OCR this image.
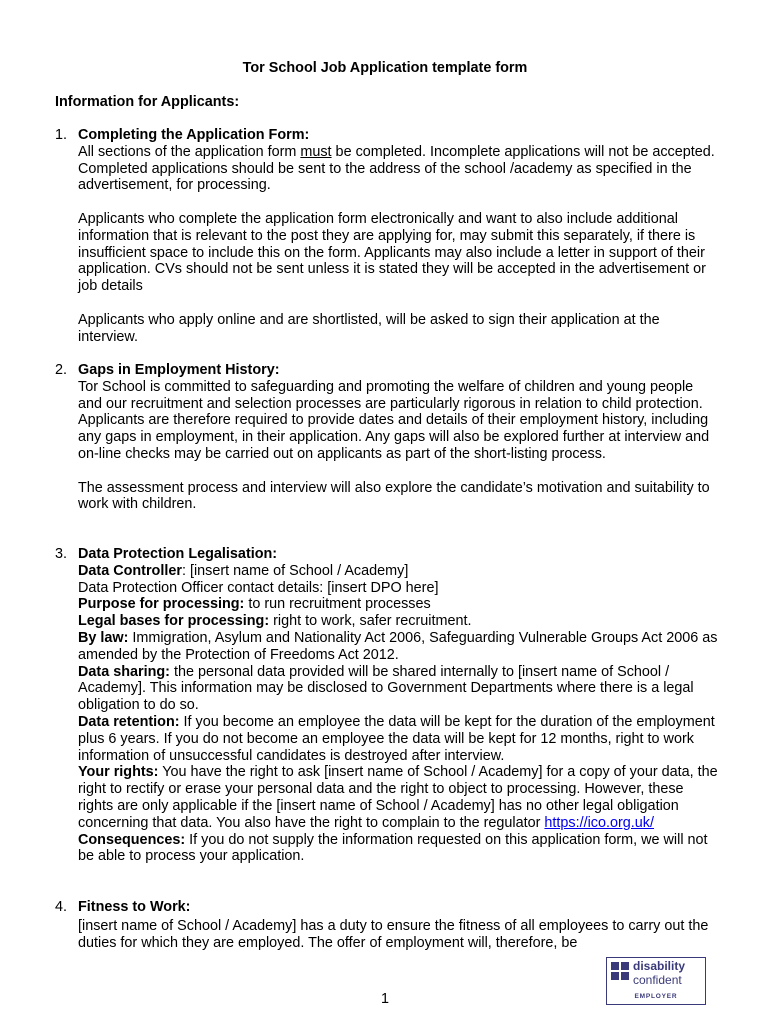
Tor School Job Application template form
Information for Applicants:
1. Completing the Application Form:

All sections of the application form must be completed. Incomplete applications will not be accepted. Completed applications should be sent to the address of the school /academy as specified in the advertisement, for processing.

Applicants who complete the application form electronically and want to also include additional information that is relevant to the post they are applying for, may submit this separately, if there is insufficient space to include this on the form. Applicants may also include a letter in support of their application. CVs should not be sent unless it is stated they will be accepted in the advertisement or job details

Applicants who apply online and are shortlisted, will be asked to sign their application at the interview.

2. Gaps in Employment History:

Tor School is committed to safeguarding and promoting the welfare of children and young people and our recruitment and selection processes are particularly rigorous in relation to child protection. Applicants are therefore required to provide dates and details of their employment history, including any gaps in employment, in their application. Any gaps will also be explored further at interview and on-line checks may be carried out on applicants as part of the short-listing process.

The assessment process and interview will also explore the candidate’s motivation and suitability to work with children.

3. Data Protection Legalisation:
Data Controller: [insert name of School / Academy]
Data Protection Officer contact details: [insert DPO here]
Purpose for processing: to run recruitment processes
Legal bases for processing: right to work, safer recruitment.
By law: Immigration, Asylum and Nationality Act 2006, Safeguarding Vulnerable Groups Act 2006 as amended by the Protection of Freedoms Act 2012.
Data sharing: the personal data provided will be shared internally to [insert name of School / Academy]. This information may be disclosed to Government Departments where there is a legal obligation to do so.
Data retention: If you become an employee the data will be kept for the duration of the employment plus 6 years. If you do not become an employee the data will be kept for 12 months, right to work information of unsuccessful candidates is destroyed after interview.
Your rights: You have the right to ask [insert name of School / Academy] for a copy of your data, the right to rectify or erase your personal data and the right to object to processing. However, these rights are only applicable if the [insert name of School / Academy] has no other legal obligation concerning that data. You also have the right to complain to the regulator https://ico.org.uk/
Consequences: If you do not supply the information requested on this application form, we will not be able to process your application.
4. Fitness to Work:

[insert name of School / Academy] has a duty to ensure the fitness of all employees to carry out the duties for which they are employed. The offer of employment will, therefore, be

disability
confident
EMPLOYER
1
